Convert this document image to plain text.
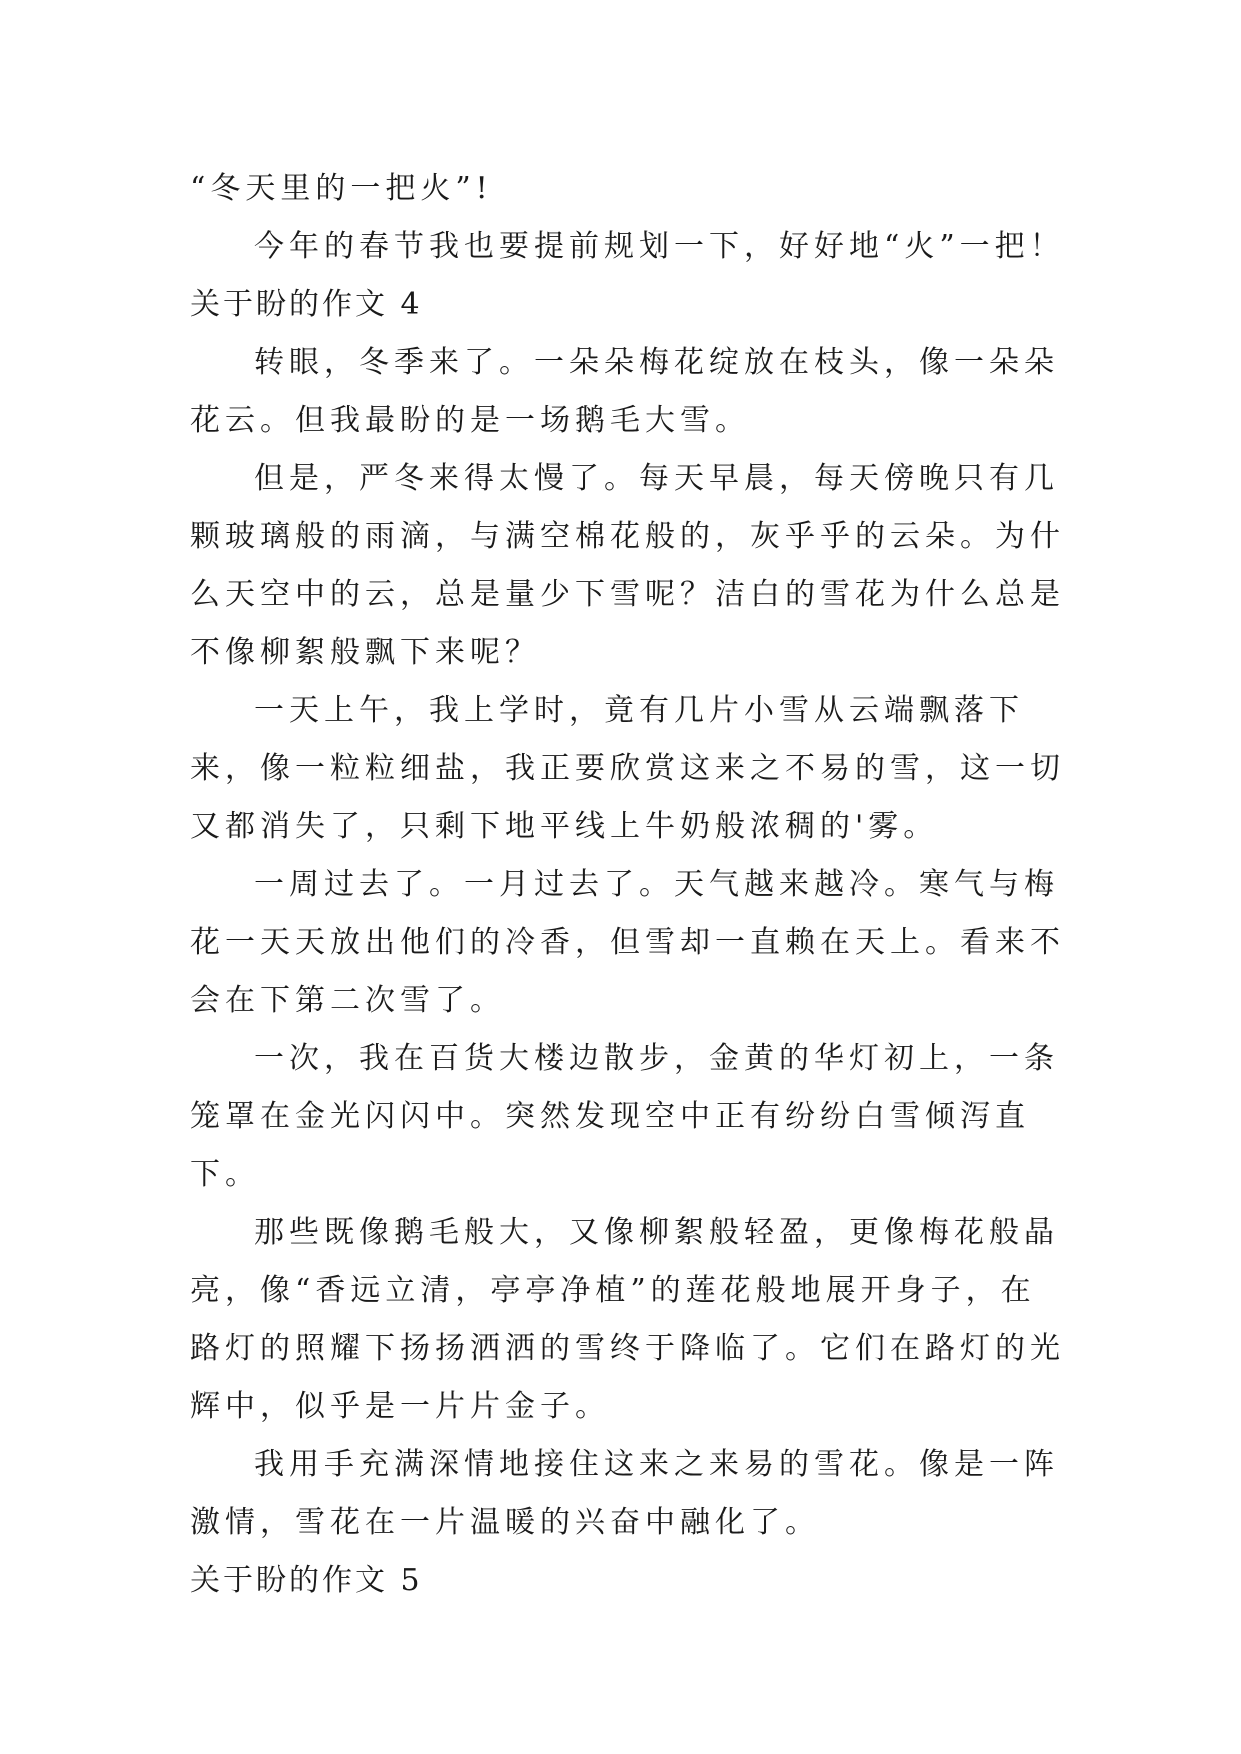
“冬天里的一把火”!

今年的春节我也要提前规划一下，好好地“火”一把！

关于盼的作文 4

转眼，冬季来了。一朵朵梅花绽放在枝头，像一朵朵花云。但我最盼的是一场鹅毛大雪。

但是，严冬来得太慢了。每天早晨，每天傍晚只有几颗玻璃般的雨滴，与满空棉花般的，灰乎乎的云朵。为什么天空中的云，总是量少下雪呢？洁白的雪花为什么总是不像柳絮般飘下来呢？

一天上午，我上学时，竟有几片小雪从云端飘落下来，像一粒粒细盐，我正要欣赏这来之不易的雪，这一切又都消失了，只剩下地平线上牛奶般浓稠的'雾。

一周过去了。一月过去了。天气越来越冷。寒气与梅花一天天放出他们的冷香，但雪却一直赖在天上。看来不会在下第二次雪了。

一次，我在百货大楼边散步，金黄的华灯初上，一条笼罩在金光闪闪中。突然发现空中正有纷纷白雪倾泻直下。

那些既像鹅毛般大，又像柳絮般轻盈，更像梅花般晶亮，像“香远立清，亭亭净植”的莲花般地展开身子，在路灯的照耀下扬扬洒洒的雪终于降临了。它们在路灯的光辉中，似乎是一片片金子。

我用手充满深情地接住这来之来易的雪花。像是一阵激情，雪花在一片温暖的兴奋中融化了。

关于盼的作文 5
